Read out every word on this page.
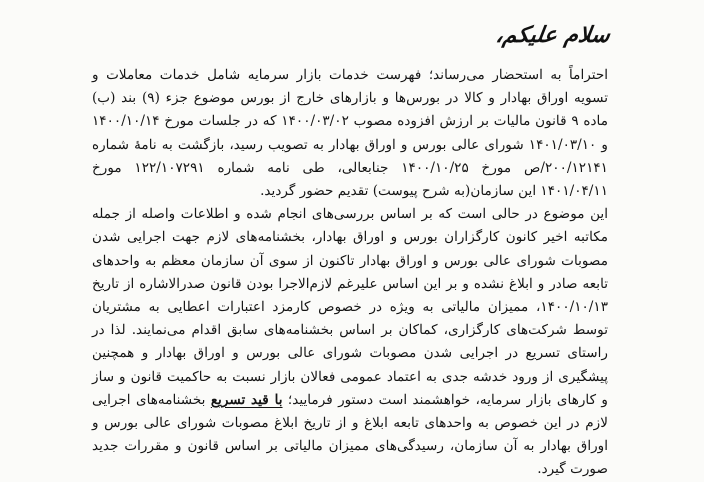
سلام علیکم،

احتراماً به استحضار می‌رساند؛ فهرست خدمات بازار سرمایه شامل خدمات معاملات و تسویه اوراق بهادار و کالا در بورس‌ها و بازارهای خارج از بورس موضوع جزء (۹) بند (ب) ماده ۹ قانون مالیات بر ارزش افزوده مصوب ۱۴۰۰/۰۳/۰۲ که در جلسات مورخ ۱۴۰۰/۱۰/۱۴ و ۱۴۰۱/۰۳/۱۰ شورای عالی بورس و اوراق بهادار به تصویب رسید، بازگشت به نامهٔ شماره ۲۰۰/۱۲۱۴۱/ص مورخ ۱۴۰۰/۱۰/۲۵ جنابعالی، طی نامه شماره ۱۲۲/۱۰۷۲۹۱ مورخ ۱۴۰۱/۰۴/۱۱ این سازمان(به شرح پیوست) تقدیم حضور گردید.

این موضوع در حالی است که بر اساس بررسی‌های انجام شده و اطلاعات واصله از جمله مکاتبه اخیر کانون کارگزاران بورس و اوراق بهادار، بخشنامه‌های لازم جهت اجرایی شدن مصوبات شورای عالی بورس و اوراق بهادار تاکنون از سوی آن سازمان معظم به واحدهای تابعه صادر و ابلاغ نشده و بر این اساس علیرغم لازم‌الاجرا بودن قانون صدرالاشاره از تاریخ ۱۴۰۰/۱۰/۱۳، ممیزان مالیاتی به ویژه در خصوص کارمزد اعتبارات اعطایی به مشتریان توسط شرکت‌های کارگزاری، کماکان بر اساس بخشنامه‌های سابق اقدام می‌نمایند. لذا در راستای تسریع در اجرایی شدن مصوبات شورای عالی بورس و اوراق بهادار و همچنین پیشگیری از ورود خدشه جدی به اعتماد عمومی فعالان بازار نسبت به حاکمیت قانون و ساز و کارهای بازار سرمایه، خواهشمند است دستور فرمایید؛ با قید تسریع بخشنامه‌های اجرایی لازم در این خصوص به واحدهای تابعه ابلاغ و از تاریخ ابلاغ مصوبات شورای عالی بورس و اوراق بهادار به آن سازمان، رسیدگی‌های ممیزان مالیاتی بر اساس قانون و مقررات جدید صورت گیرد.
